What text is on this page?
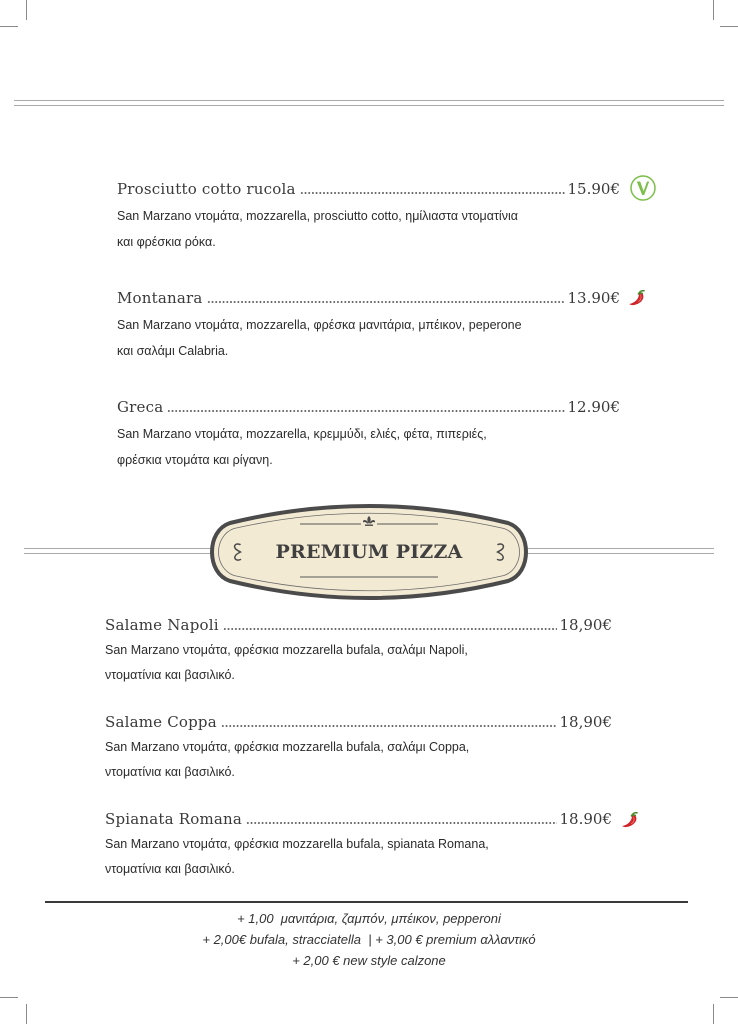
Prosciutto cotto rucola	15.90€
San Marzano ντομάτα, mozzarella, prosciutto cotto, ημίλιαστα ντοματίνια
και φρέσκια ρόκα.
Montanara	13.90€
San Marzano ντομάτα, mozzarella, φρέσκα μανιτάρια, μπέικον, peperone
και σαλάμι Calabria.
Greca	12.90€
San Marzano ντομάτα, mozzarella, κρεμμύδι, ελιές, φέτα, πιπεριές,
φρέσκια ντομάτα και ρίγανη.
PREMIUM PIZZA
Salame Napoli	18,90€
San Marzano ντομάτα, φρέσκια mozzarella bufala, σαλάμι Napoli,
ντοματίνια και βασιλικό.
Salame Coppa	18,90€
San Marzano ντομάτα, φρέσκια mozzarella bufala, σαλάμι Coppa,
ντοματίνια και βασιλικό.
Spianata Romana	18.90€
San Marzano ντομάτα, φρέσκια mozzarella bufala, spianata Romana,
ντοματίνια και βασιλικό.
+ 1,00  μανιτάρια, ζαμπόν, μπέικον, pepperoni
+ 2,00€ bufala, stracciatella  | + 3,00 € premium αλλαντικό
+ 2,00 € new style calzone
